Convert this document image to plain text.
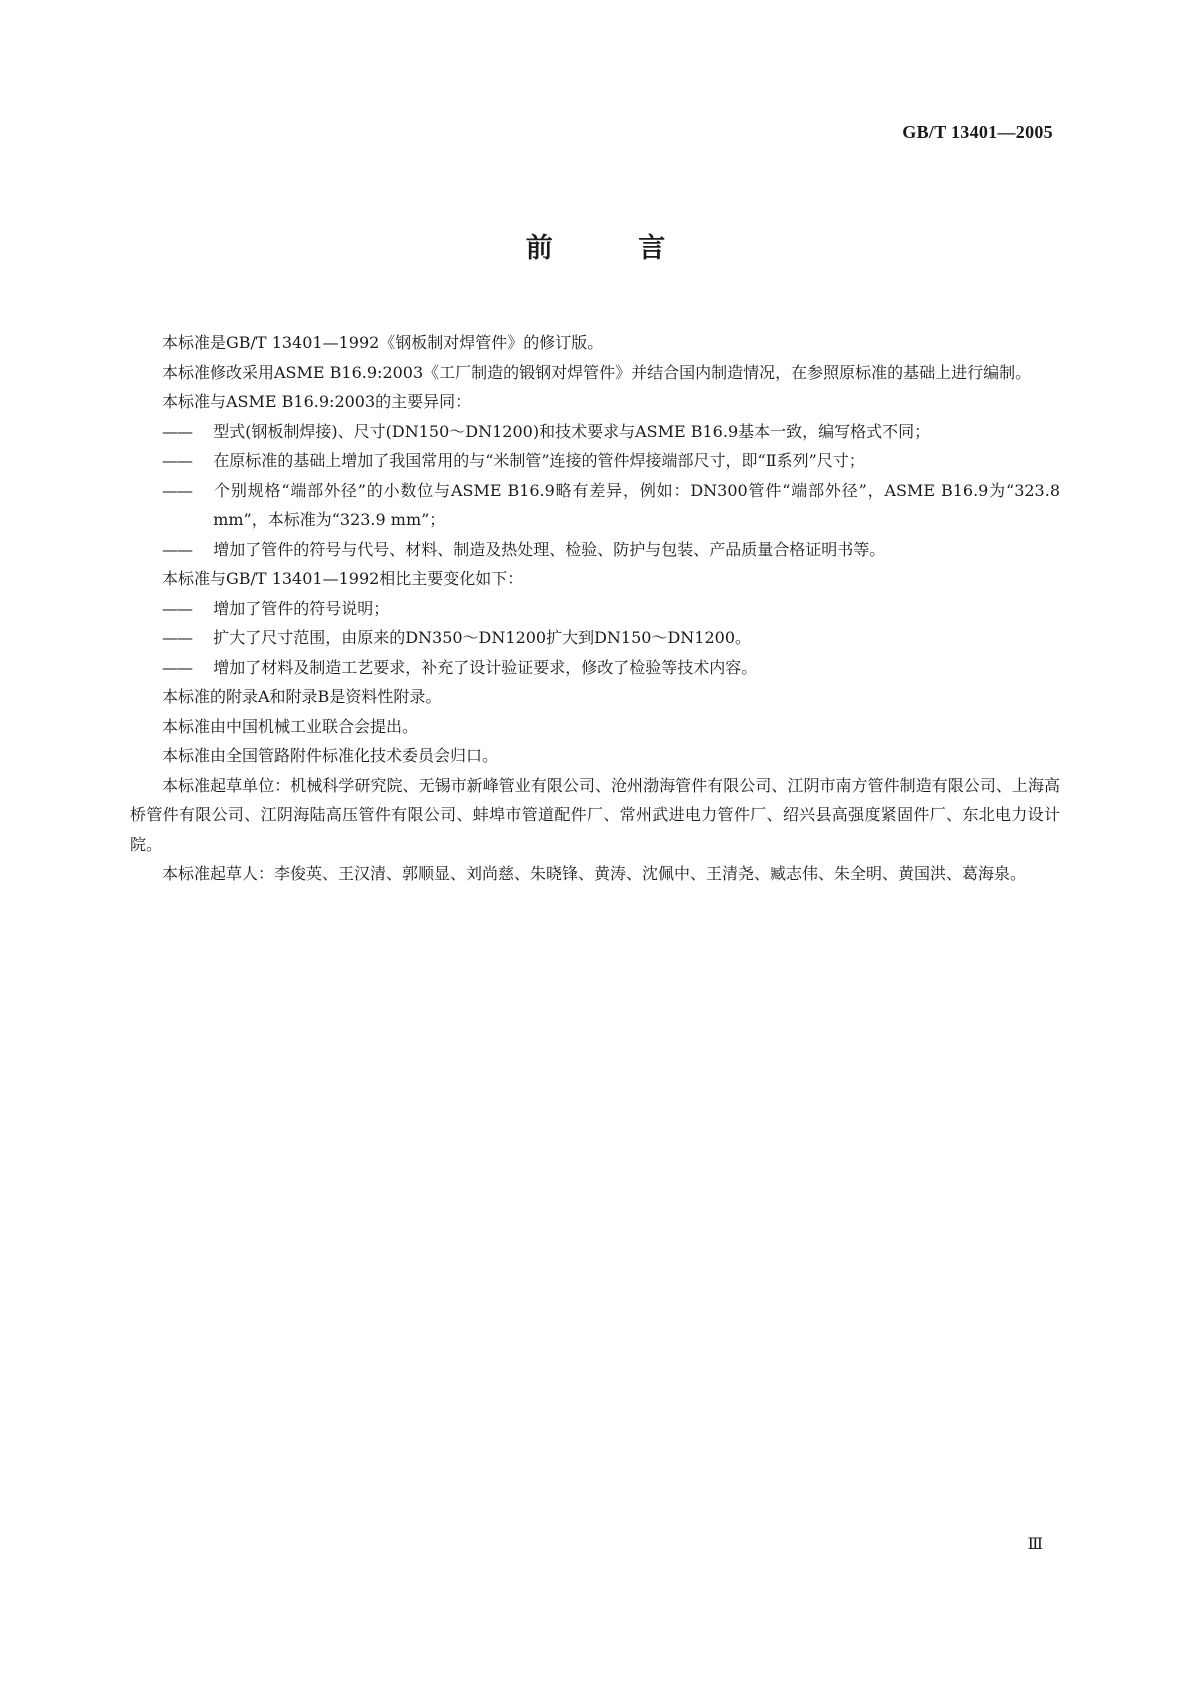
GB/T 13401—2005
前 言

本标准是GB/T 13401—1992《钢板制对焊管件》的修订版。

本标准修改采用ASME B16.9:2003《工厂制造的锻钢对焊管件》并结合国内制造情况，在参照原标准的基础上进行编制。

本标准与ASME B16.9:2003的主要异同：

—— 型式(钢板制焊接)、尺寸(DN150～DN1200)和技术要求与ASME B16.9基本一致，编写格式不同；

—— 在原标准的基础上增加了我国常用的与“米制管”连接的管件焊接端部尺寸，即“Ⅱ系列”尺寸；

—— 个别规格“端部外径”的小数位与ASME B16.9略有差异，例如：DN300管件“端部外径”，ASME B16.9为“323.8 mm”，本标准为“323.9 mm”；

—— 增加了管件的符号与代号、材料、制造及热处理、检验、防护与包装、产品质量合格证明书等。

本标准与GB/T 13401—1992相比主要变化如下：

—— 增加了管件的符号说明；

—— 扩大了尺寸范围，由原来的DN350～DN1200扩大到DN150～DN1200。

—— 增加了材料及制造工艺要求，补充了设计验证要求，修改了检验等技术内容。

本标准的附录A和附录B是资料性附录。

本标准由中国机械工业联合会提出。

本标准由全国管路附件标准化技术委员会归口。

本标准起草单位：机械科学研究院、无锡市新峰管业有限公司、沧州渤海管件有限公司、江阴市南方管件制造有限公司、上海高桥管件有限公司、江阴海陆高压管件有限公司、蚌埠市管道配件厂、常州武进电力管件厂、绍兴县高强度紧固件厂、东北电力设计院。

本标准起草人：李俊英、王汉清、郭顺显、刘尚慈、朱晓锋、黄涛、沈佩中、王清尧、臧志伟、朱全明、黄国洪、葛海泉。

Ⅲ
